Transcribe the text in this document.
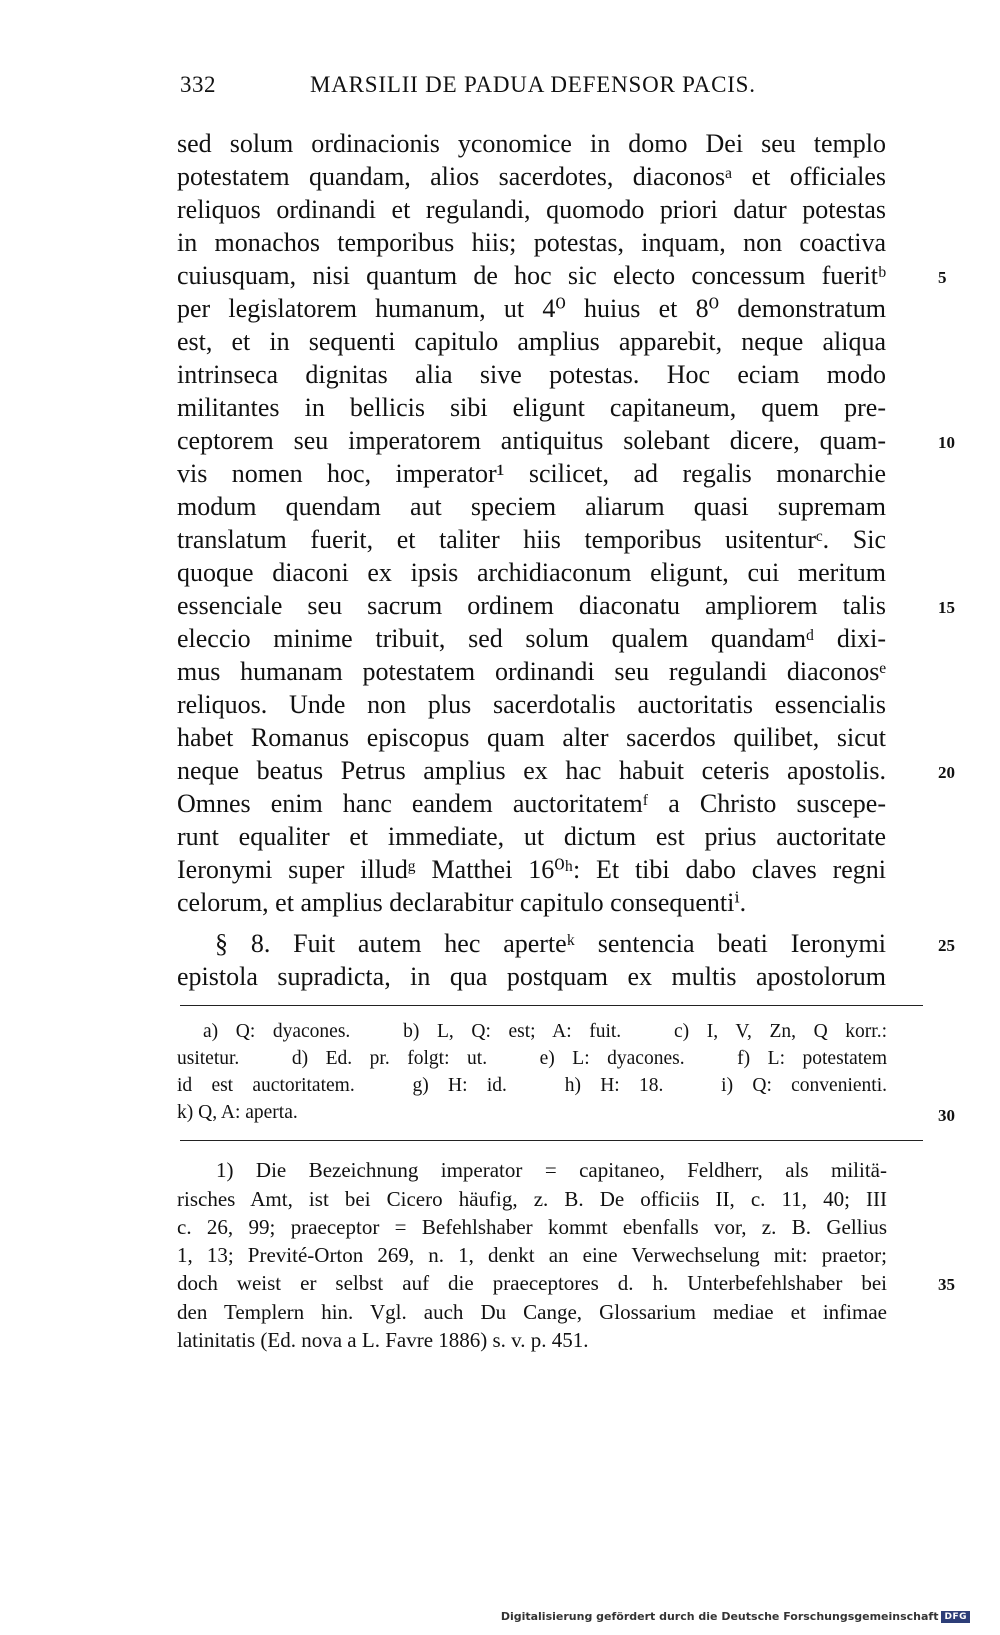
332	MARSILII DE PADUA DEFENSOR PACIS.
sed solum ordinacionis yconomice in domo Dei seu templo
potestatem quandam, alios sacerdotes, diaconosᵃ et officiales
reliquos ordinandi et regulandi, quomodo priori datur potestas
in monachos temporibus hiis; potestas, inquam, non coactiva
cuiusquam, nisi quantum de hoc sic electo concessum fueritᵇ
per legislatorem humanum, ut 4⁰ huius et 8⁰ demonstratum
est, et in sequenti capitulo amplius apparebit, neque aliqua
intrinseca dignitas alia sive potestas. Hoc eciam modo
militantes in bellicis sibi eligunt capitaneum, quem pre-
ceptorem seu imperatorem antiquitus solebant dicere, quam-
vis nomen hoc, imperator¹ scilicet, ad regalis monarchie
modum quendam aut speciem aliarum quasi supremam
translatum fuerit, et taliter hiis temporibus usitenturᶜ. Sic
quoque diaconi ex ipsis archidiaconum eligunt, cui meritum
essenciale seu sacrum ordinem diaconatu ampliorem talis
eleccio minime tribuit, sed solum qualem quandamᵈ dixi-
mus humanam potestatem ordinandi seu regulandi diaconosᵉ
reliquos. Unde non plus sacerdotalis auctoritatis essencialis
habet Romanus episcopus quam alter sacerdos quilibet, sicut
neque beatus Petrus amplius ex hac habuit ceteris apostolis.
Omnes enim hanc eandem auctoritatemᶠ a Christo suscepe-
runt equaliter et immediate, ut dictum est prius auctoritate
Ieronymi super illudᵍ Matthei 16⁰ʰ: Et tibi dabo claves regni
celorum, et amplius declarabitur capitulo consequentiⁱ.
§ 8. Fuit autem hec aperteᵏ sentencia beati Ieronymi
epistola supradicta, in qua postquam ex multis apostolorum
5
10
15
20
25
30
35
a) Q: dyacones.   b) L, Q: est; A: fuit.   c) I, V, Zn, Q korr.:
usitetur.   d) Ed. pr. folgt: ut.   e) L: dyacones.   f) L: potestatem
id est auctoritatem.   g) H: id.   h) H: 18.   i) Q: convenienti.
k) Q, A: aperta.
1) Die Bezeichnung imperator = capitaneo, Feldherr, als militä-
risches Amt, ist bei Cicero häufig, z. B. De officiis II, c. 11, 40; III
c. 26, 99; praeceptor = Befehlshaber kommt ebenfalls vor, z. B. Gellius
1, 13; Previté-Orton 269, n. 1, denkt an eine Verwechselung mit: praetor;
doch weist er selbst auf die praeceptores d. h. Unterbefehlshaber bei
den Templern hin. Vgl. auch Du Cange, Glossarium mediae et infimae
latinitatis (Ed. nova a L. Favre 1886) s. v. p. 451.
Digitalisierung gefördert durch die Deutsche Forschungsgemeinschaft DFG
